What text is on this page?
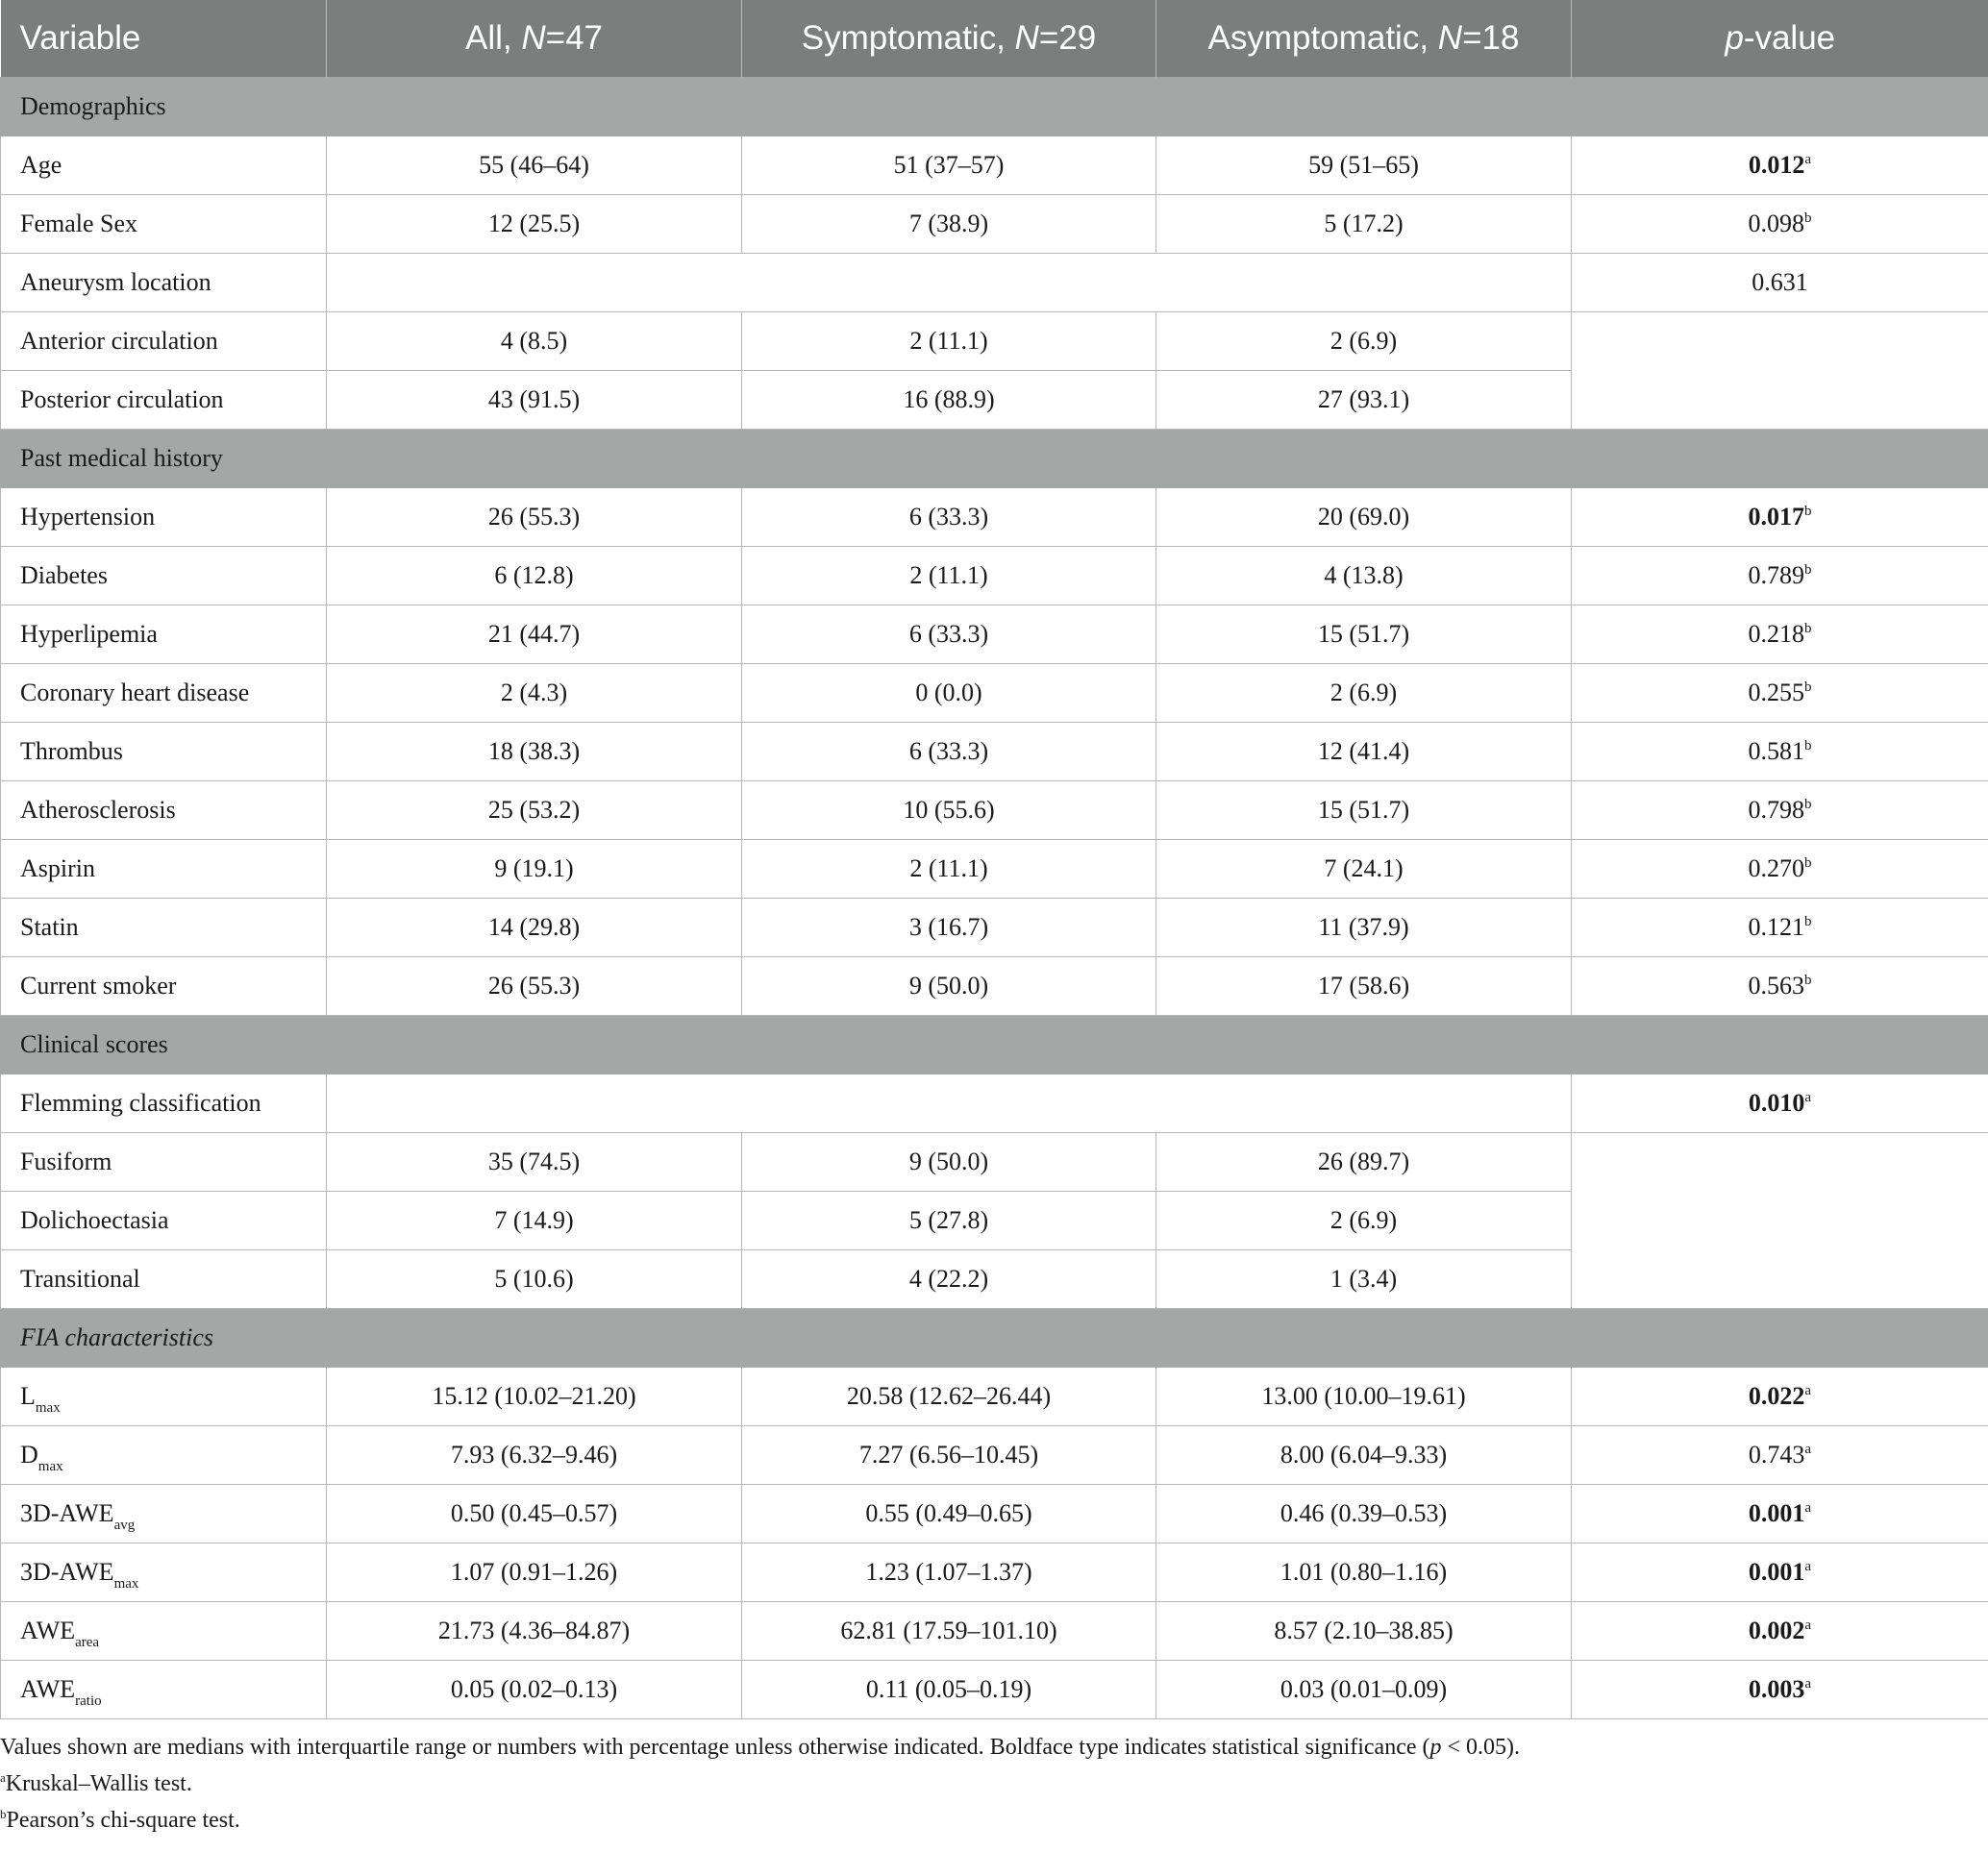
Variable	All, N=47	Symptomatic, N=29	Asymptomatic, N=18	p-value
Demographics				
Age	55 (46–64)	51 (37–57)	59 (51–65)	0.012$^a$
Female Sex	12 (25.5)	7 (38.9)	5 (17.2)	0.098$^b$
Aneurysm location				0.631
Anterior circulation	4 (8.5)	2 (11.1)	2 (6.9)	
Posterior circulation	43 (91.5)	16 (88.9)	27 (93.1)	
Past medical history				
Hypertension	26 (55.3)	6 (33.3)	20 (69.0)	0.017$^b$
Diabetes	6 (12.8)	2 (11.1)	4 (13.8)	0.789$^b$
Hyperlipemia	21 (44.7)	6 (33.3)	15 (51.7)	0.218$^b$
Coronary heart disease	2 (4.3)	0 (0.0)	2 (6.9)	0.255$^b$
Thrombus	18 (38.3)	6 (33.3)	12 (41.4)	0.581$^b$
Atherosclerosis	25 (53.2)	10 (55.6)	15 (51.7)	0.798$^b$
Aspirin	9 (19.1)	2 (11.1)	7 (24.1)	0.270$^b$
Statin	14 (29.8)	3 (16.7)	11 (37.9)	0.121$^b$
Current smoker	26 (55.3)	9 (50.0)	17 (58.6)	0.563$^b$
Clinical scores				
Flemming classification				0.010$^a$
Fusiform	35 (74.5)	9 (50.0)	26 (89.7)	
Dolichoectasia	7 (14.9)	5 (27.8)	2 (6.9)	
Transitional	5 (10.6)	4 (22.2)	1 (3.4)	
FIA characteristics				
$L_{max}$	15.12 (10.02–21.20)	20.58 (12.62–26.44)	13.00 (10.00–19.61)	0.022$^a$
$D_{max}$	7.93 (6.32–9.46)	7.27 (6.56–10.45)	8.00 (6.04–9.33)	0.743$^a$
$3D-AWE_{avg}$	0.50 (0.45–0.57)	0.55 (0.49–0.65)	0.46 (0.39–0.53)	0.001$^a$
$3D-AWE_{max}$	1.07 (0.91–1.26)	1.23 (1.07–1.37)	1.01 (0.80–1.16)	0.001$^a$
$AWE_{area}$	21.73 (4.36–84.87)	62.81 (17.59–101.10)	8.57 (2.10–38.85)	0.002$^a$
$AWE_{ratio}$	0.05 (0.02–0.13)	0.11 (0.05–0.19)	0.03 (0.01–0.09)	0.003$^a$
Values shown are medians with interquartile range or numbers with percentage unless otherwise indicated. Boldface type indicates statistical significance (p < 0.05).
$^a$Kruskal–Wallis test.
$^b$Pearson’s chi-square test.
